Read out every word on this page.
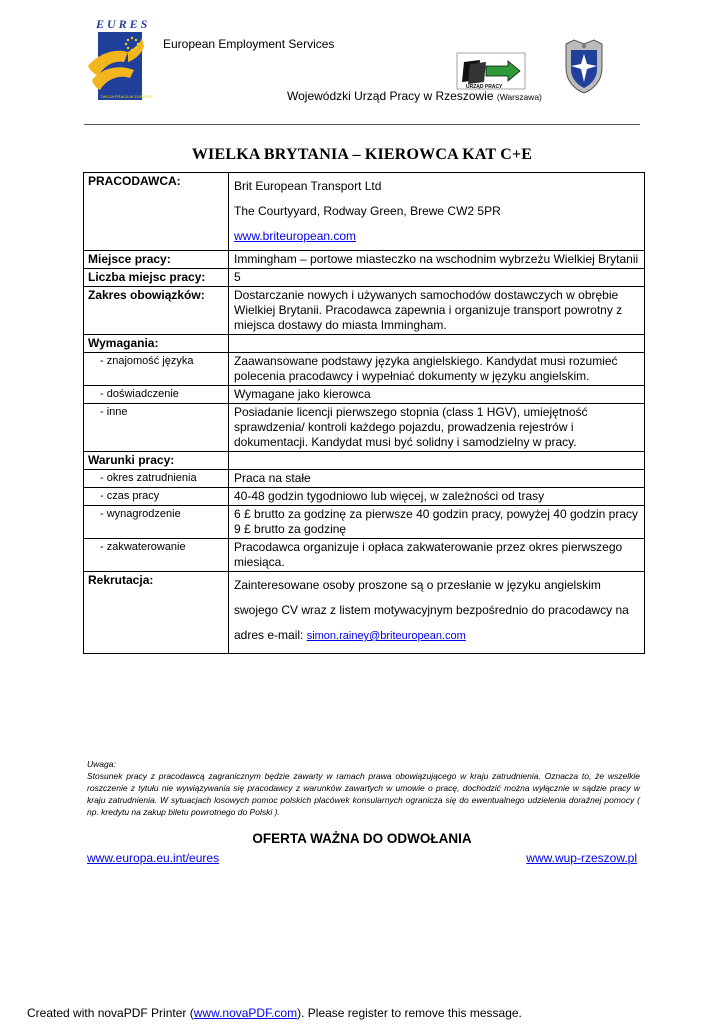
EURES
TWOJA PRACA W EUROPIE
European Employment Services
URZĄD PRACY
Wojewódzki Urząd Pracy w Rzeszowie (Warszawa)
WIELKA BRYTANIA – KIEROWCA KAT C+E
PRACODAWCA:	Brit European Transport Ltd
The Courtyyard, Rodway Green, Brewe CW2 5PR
www.briteuropean.com

Miejsce pracy:	Immingham – portowe miasteczko na wschodnim wybrzeżu Wielkiej Brytanii
Liczba miejsc pracy:	5
Zakres obowiązków:	Dostarczanie nowych i używanych samochodów dostawczych w obrębie Wielkiej Brytanii. Pracodawca zapewnia i organizuje transport powrotny z miejsca dostawy do miasta Immingham.
Wymagania:	
- znajomość języka	Zaawansowane podstawy języka angielskiego. Kandydat musi rozumieć polecenia pracodawcy i wypełniać dokumenty w języku angielskim.
- doświadczenie	Wymagane jako kierowca
- inne	Posiadanie licencji pierwszego stopnia (class 1 HGV), umiejętność sprawdzenia/ kontroli każdego pojazdu, prowadzenia rejestrów i dokumentacji. Kandydat musi być solidny i samodzielny w pracy.
Warunki pracy:	
- okres zatrudnienia	Praca na stałe
- czas pracy	40-48 godzin tygodniowo lub więcej, w zależności od trasy
- wynagrodzenie	6 £ brutto za godzinę za pierwsze 40 godzin pracy, powyżej 40 godzin pracy 9 £ brutto za godzinę
- zakwaterowanie	Pracodawca organizuje i opłaca zakwaterowanie przez okres pierwszego miesiąca.
Rekrutacja:	Zainteresowane osoby proszone są o przesłanie w języku angielskim swojego CV wraz z listem motywacyjnym bezpośrednio do pracodawcy na adres e-mail: simon.rainey@briteuropean.com
Uwaga:
Stosunek pracy z pracodawcą zagranicznym będzie zawarty w ramach prawa obowiązującego w kraju zatrudnienia. Oznacza to, że wszelkie roszczenie z tytułu nie wywiązywania się pracodawcy z warunków zawartych w umowie o pracę, dochodzić można wyłącznie w sądzie pracy w kraju zatrudnienia. W sytuacjach losowych pomoc polskich placówek konsularnych ogranicza się do ewentualnego udzielenia doraźnej pomocy ( np. kredytu na zakup biletu powrotnego do Polski ).
OFERTA WAŻNA DO ODWOŁANIA
www.europa.eu.int/eures	www.wup-rzeszow.pl
Created with novaPDF Printer (www.novaPDF.com). Please register to remove this message.
